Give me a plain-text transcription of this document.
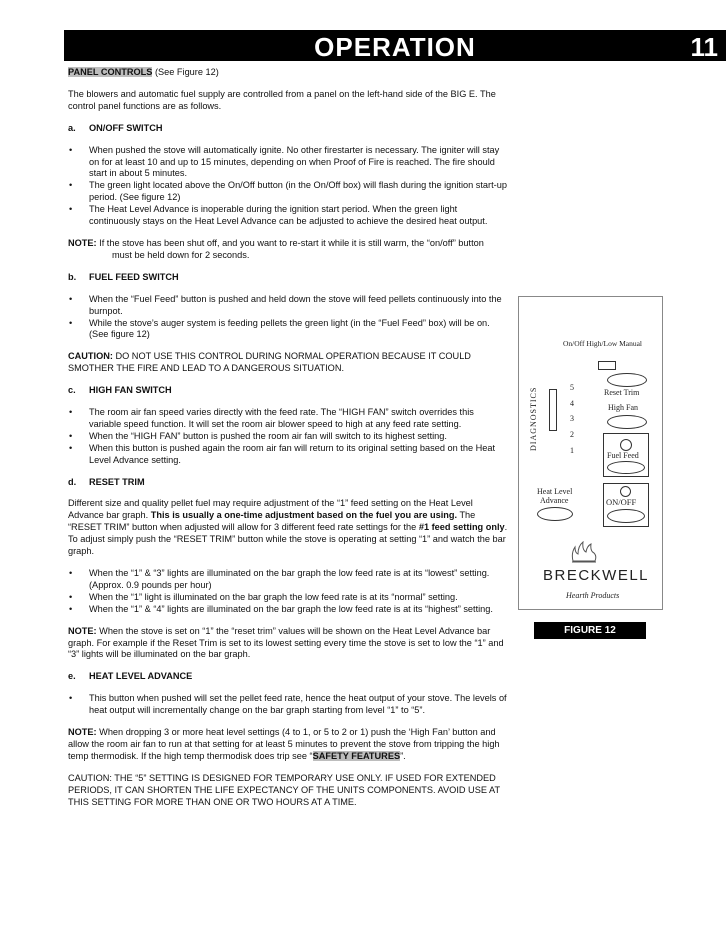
OPERATION	11

PANEL CONTROLS (See Figure 12)

The blowers and automatic fuel supply are controlled from a panel on the left-hand side of the BIG E. The control panel functions are as follows.

a. ON/OFF SWITCH
• When pushed the stove will automatically ignite. No other firestarter is necessary. The igniter will stay on for at least 10 and up to 15 minutes, depending on when Proof of Fire is reached. The fire should start in about 5 minutes.
• The green light located above the On/Off button (in the On/Off box) will flash during the ignition start-up period. (See figure 12)
• The Heat Level Advance is inoperable during the ignition start period. When the green light continuously stays on the Heat Level Advance can be adjusted to achieve the desired heat output.

NOTE: If the stove has been shut off, and you want to re-start it while it is still warm, the “on/off” button
must be held down for 2 seconds.

b. FUEL FEED SWITCH
• When the “Fuel Feed” button is pushed and held down the stove will feed pellets continuously into the burnpot.
• While the stove’s auger system is feeding pellets the green light (in the “Fuel Feed” box) will be on.
(See figure 12)

CAUTION: DO NOT USE THIS CONTROL DURING NORMAL OPERATION BECAUSE IT COULD SMOTHER THE FIRE AND LEAD TO A DANGEROUS SITUATION.

c. HIGH FAN SWITCH
• The room air fan speed varies directly with the feed rate. The “HIGH FAN” switch overrides this variable speed function. It will set the room air blower speed to high at any feed rate setting.
• When the “HIGH FAN” button is pushed the room air fan will switch to its highest setting.
• When this button is pushed again the room air fan will return to its original setting based on the Heat Level Advance setting.
d. RESET TRIM

Different size and quality pellet fuel may require adjustment of the “1” feed setting on the Heat Level Advance bar graph. This is usually a one-time adjustment based on the fuel you are using. The “RESET TRIM” button when adjusted will allow for 3 different feed rate settings for the #1 feed setting only. To adjust simply push the “RESET TRIM” button while the stove is operating at setting “1” and watch the bar graph.

• When the “1” & “3” lights are illuminated on the bar graph the low feed rate is at its “lowest” setting.
(Approx. 0.9 pounds per hour)
• When the “1” light is illuminated on the bar graph the low feed rate is at its “normal” setting.
• When the “1” & “4” lights are illuminated on the bar graph the low feed rate is at its “highest” setting.

NOTE: When the stove is set on “1” the “reset trim” values will be shown on the Heat Level Advance bar graph. For example if the Reset Trim is set to its lowest setting every time the stove is set to low the “1” and “3” lights will be illuminated on the bar graph.

e. HEAT LEVEL ADVANCE
• This button when pushed will set the pellet feed rate, hence the heat output of your stove. The levels of heat output will incrementally change on the bar graph starting from level “1” to “5”.

NOTE: When dropping 3 or more heat level settings (4 to 1, or 5 to 2 or 1) push the ‘High Fan’ button and allow the room air fan to run at that setting for at least 5 minutes to prevent the stove from tripping the high temp thermodisk. If the high temp thermodisk does trip see “SAFETY FEATURES”.

CAUTION: THE “5” SETTING IS DESIGNED FOR TEMPORARY USE ONLY. IF USED FOR EXTENDED PERIODS, IT CAN SHORTEN THE LIFE EXPECTANCY OF THE UNITS COMPONENTS. AVOID USE AT THIS SETTING FOR MORE THAN ONE OR TWO HOURS AT A TIME.

On/Off High/Low Manual
DIAGNOSTICS	5
4
3
2
1
Reset Trim
High Fan
Fuel Feed
Heat Level
Advance	ON/OFF
BRECKWELL
Hearth Products
FIGURE 12
